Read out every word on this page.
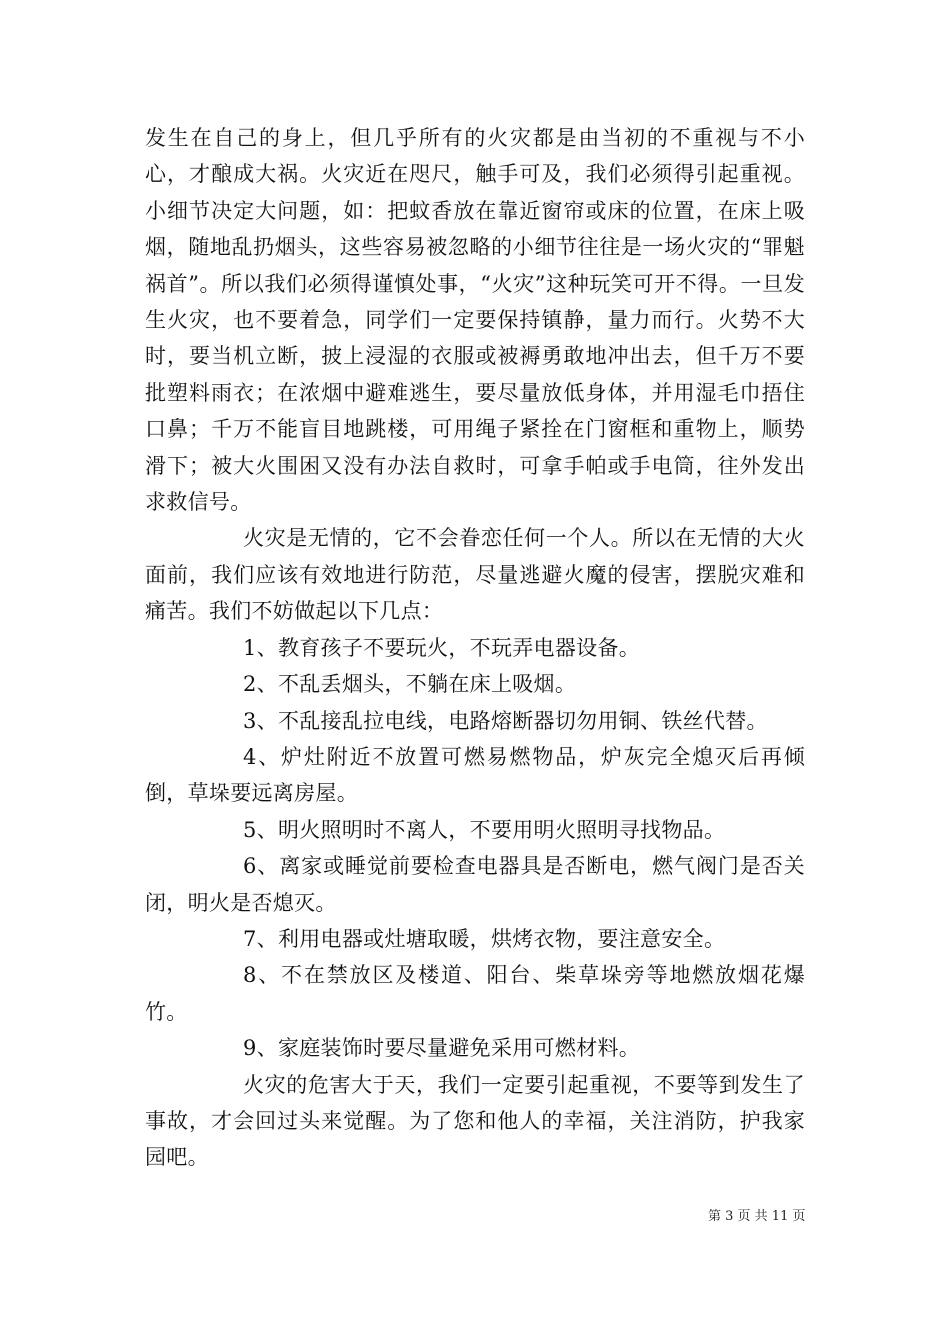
发生在自己的身上，但几乎所有的火灾都是由当初的不重视与不小心，才酿成大祸。火灾近在咫尺，触手可及，我们必须得引起重视。小细节决定大问题，如：把蚊香放在靠近窗帘或床的位置，在床上吸烟，随地乱扔烟头，这些容易被忽略的小细节往往是一场火灾的“罪魁祸首”。所以我们必须得谨慎处事，“火灾”这种玩笑可开不得。一旦发生火灾，也不要着急，同学们一定要保持镇静，量力而行。火势不大时，要当机立断，披上浸湿的衣服或被褥勇敢地冲出去，但千万不要批塑料雨衣；在浓烟中避难逃生，要尽量放低身体，并用湿毛巾捂住口鼻；千万不能盲目地跳楼，可用绳子紧拴在门窗框和重物上，顺势滑下；被大火围困又没有办法自救时，可拿手帕或手电筒，往外发出求救信号。

火灾是无情的，它不会眷恋任何一个人。所以在无情的大火面前，我们应该有效地进行防范，尽量逃避火魔的侵害，摆脱灾难和痛苦。我们不妨做起以下几点：

1、教育孩子不要玩火，不玩弄电器设备。

2、不乱丢烟头，不躺在床上吸烟。

3、不乱接乱拉电线，电路熔断器切勿用铜、铁丝代替。

4、炉灶附近不放置可燃易燃物品，炉灰完全熄灭后再倾倒，草垛要远离房屋。

5、明火照明时不离人，不要用明火照明寻找物品。

6、离家或睡觉前要检查电器具是否断电，燃气阀门是否关闭，明火是否熄灭。

7、利用电器或灶塘取暖，烘烤衣物，要注意安全。

8、不在禁放区及楼道、阳台、柴草垛旁等地燃放烟花爆竹。

9、家庭装饰时要尽量避免采用可燃材料。

火灾的危害大于天，我们一定要引起重视，不要等到发生了事故，才会回过头来觉醒。为了您和他人的幸福，关注消防，护我家园吧。

第 3 页 共 11 页
